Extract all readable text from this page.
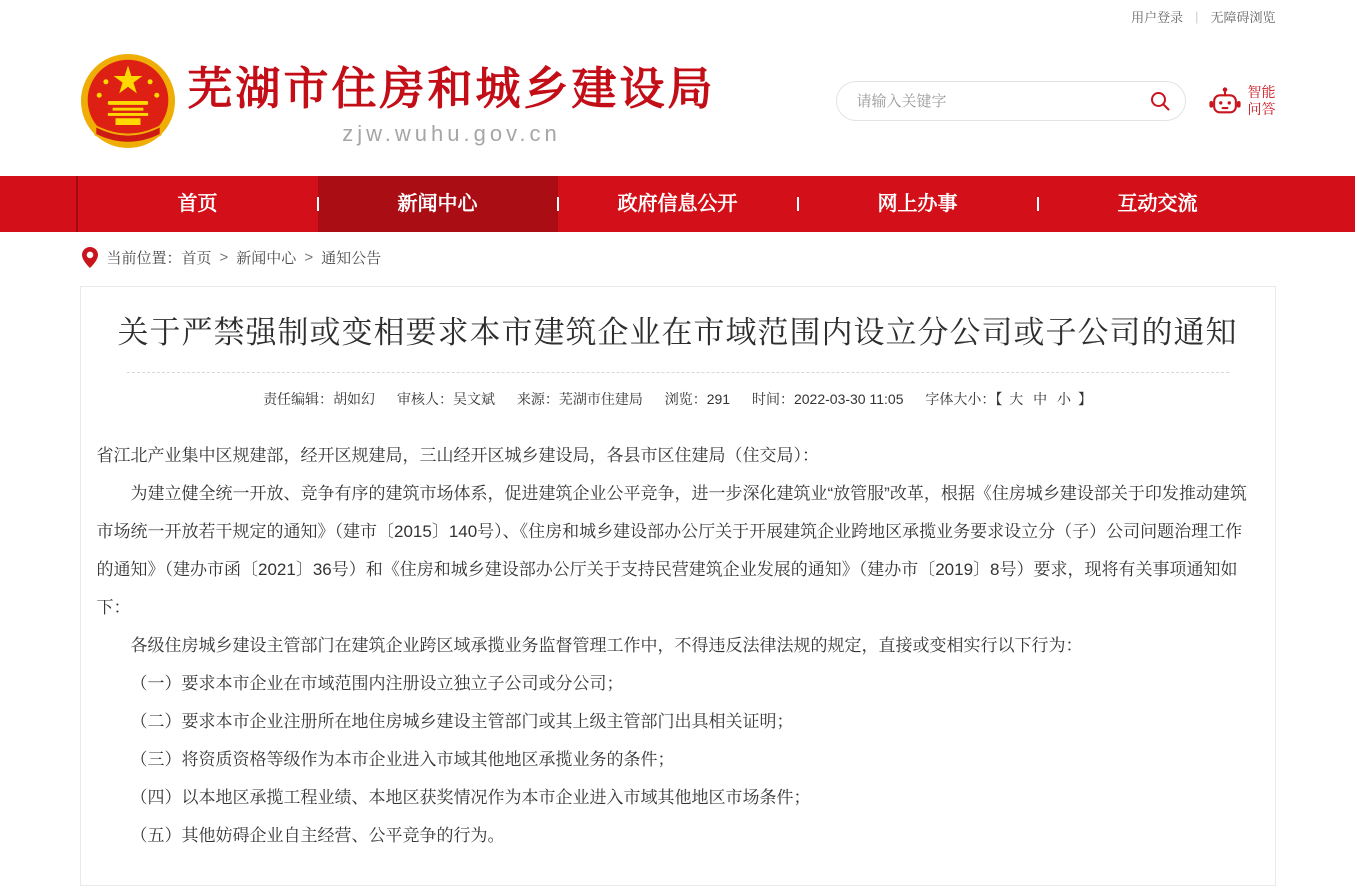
用户登录 | 无障碍浏览
芜湖市住房和城乡建设局
zjw.wuhu.gov.cn
请输入关键字
智能
问答
首页	新闻中心	政府信息公开	网上办事	互动交流
当前位置： 首页 > 新闻中心 > 通知公告
关于严禁强制或变相要求本市建筑企业在市域范围内设立分公司或子公司的通知
责任编辑：胡如幻 审核人：吴文斌 来源：芜湖市住建局 浏览：291 时间：2022-03-30 11:05 字体大小：【 大 中 小 】

省江北产业集中区规建部，经开区规建局，三山经开区城乡建设局，各县市区住建局（住交局）：

为建立健全统一开放、竞争有序的建筑市场体系，促进建筑企业公平竞争，进一步深化建筑业“放管服”改革，根据《住房城乡建设部关于印发推动建筑市场统一开放若干规定的通知》（建市〔2015〕140号）、《住房和城乡建设部办公厅关于开展建筑企业跨地区承揽业务要求设立分（子）公司问题治理工作的通知》（建办市函〔2021〕36号）和《住房和城乡建设部办公厅关于支持民营建筑企业发展的通知》（建办市〔2019〕8号）要求，现将有关事项通知如下：

各级住房城乡建设主管部门在建筑企业跨区域承揽业务监督管理工作中，不得违反法律法规的规定，直接或变相实行以下行为：

（一）要求本市企业在市域范围内注册设立独立子公司或分公司；

（二）要求本市企业注册所在地住房城乡建设主管部门或其上级主管部门出具相关证明；

（三）将资质资格等级作为本市企业进入市域其他地区承揽业务的条件；

（四）以本地区承揽工程业绩、本地区获奖情况作为本市企业进入市域其他地区市场条件；

（五）其他妨碍企业自主经营、公平竞争的行为。
